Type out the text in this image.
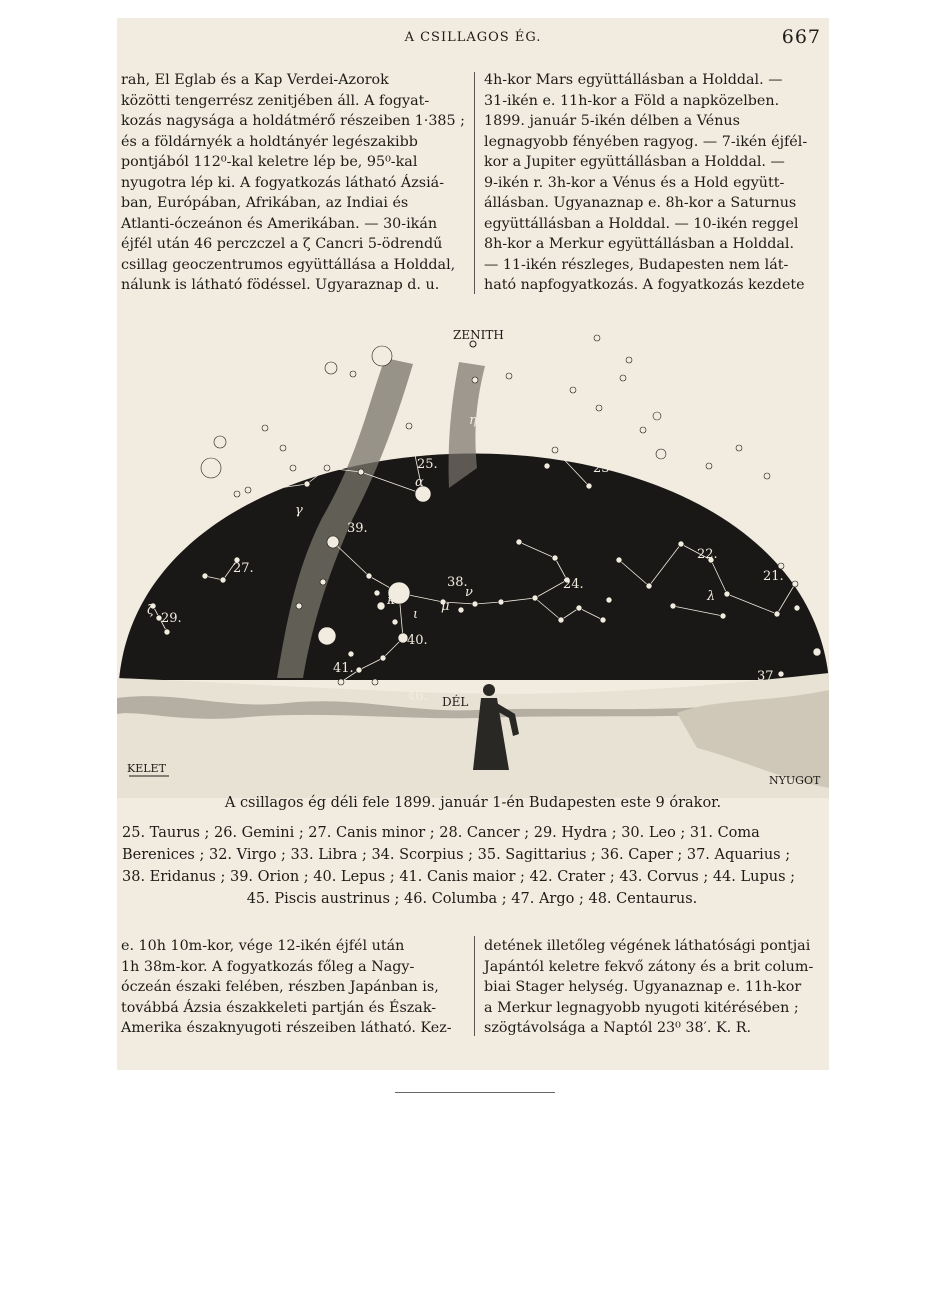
A CSILLAGOS ÉG.	667

rah, El Eglab és a Kap Verdei-Azorok

közötti tengerrész zenitjében áll. A fogyat-

kozás nagysága a holdátmérő részeiben 1·385 ;

és a földárnyék a holdtányér legészakibb

pontjából 112⁰-kal keletre lép be, 95⁰-kal

nyugotra lép ki. A fogyatkozás látható Ázsiá-

ban, Európában, Afrikában, az Indiai és

Atlanti-óczeánon és Amerikában. — 30-ikán

éjfél után 46 perczczel a ζ Cancri 5-ödrendű

csillag geoczentrumos együttállása a Holddal,

nálunk is látható födéssel. Ugyaraznap d. u.

4h-kor Mars együttállásban a Holddal. —

31-ikén e. 11h-kor a Föld a napközelben.

1899. január 5-ikén délben a Vénus

legnagyobb fényében ragyog. — 7-ikén éjfél-

kor a Jupiter együttállásban a Holddal. —

9-ikén r. 3h-kor a Vénus és a Hold együtt-

állásban. Ugyanaznap e. 8h-kor a Saturnus

együttállásban a Holddal. — 10-ikén reggel

8h-kor a Merkur együttállásban a Holddal.

— 11-ikén részleges, Budapesten nem lát-

ható napfogyatkozás. A fogyatkozás kezdete

KELET
NYUGOT
DÉL
ZENITH
25.
26.
27.
29.
10.
11.
9
23
22.
21.
24.
38.
39.
40.
41.
46.
37
α
β
γ
δ
ε
ζ
η
θ
ι
κ	λ
μ
ν
A csillagos ég déli fele 1899. január 1-én Budapesten este 9 órakor.
25. Taurus ; 26. Gemini ; 27. Canis minor ; 28. Cancer ; 29. Hydra ; 30. Leo ; 31. Coma
Berenices ; 32. Virgo ; 33. Libra ; 34. Scorpius ; 35. Sagittarius ; 36. Caper ; 37. Aquarius ;
38. Eridanus ; 39. Orion ; 40. Lepus ; 41. Canis maior ; 42. Crater ; 43. Corvus ; 44. Lupus ;
45. Piscis austrinus ; 46. Columba ; 47. Argo ; 48. Centaurus.

e. 10h 10m-kor, vége 12-ikén éjfél után

1h 38m-kor. A fogyatkozás főleg a Nagy-

óczeán északi felében, részben Japánban is,

továbbá Ázsia északkeleti partján és Észak-

Amerika északnyugoti részeiben látható. Kez-

detének illetőleg végének láthatósági pontjai

Japántól keletre fekvő zátony és a brit colum-

biai Stager helység. Ugyanaznap e. 11h-kor

a Merkur legnagyobb nyugoti kitérésében ;

szögtávolsága a Naptól 23⁰ 38′. K. R.
